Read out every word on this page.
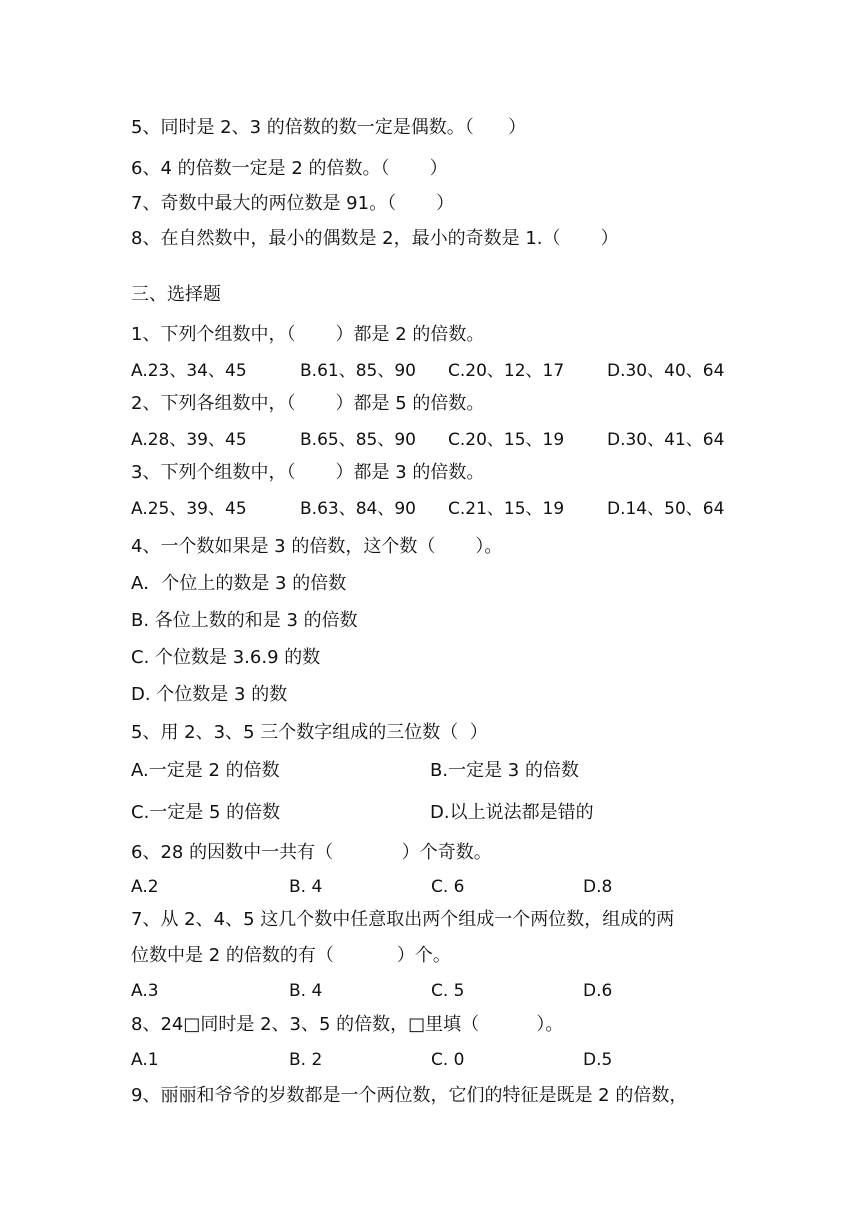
5、同时是 2、3 的倍数的数一定是偶数。（      ）
6、4 的倍数一定是 2 的倍数。（       ）
7、奇数中最大的两位数是 91。（       ）
8、在自然数中，最小的偶数是 2，最小的奇数是 1.（       ）
三、选择题
1、下列个组数中，（       ）都是 2 的倍数。
A.23、34、45	B.61、85、90 C.20、12、17	D.30、40、64
2、下列各组数中，（       ）都是 5 的倍数。
A.28、39、45	B.65、85、90 C.20、15、19	D.30、41、64
3、下列个组数中，（       ）都是 3 的倍数。
A.25、39、45	B.63、84、90 C.21、15、19	D.14、50、64
4、一个数如果是 3 的倍数，这个数（       ）。
A．个位上的数是 3 的倍数
B. 各位上数的和是 3 的倍数
C. 个位数是 3.6.9 的数
D. 个位数是 3 的数
5、用 2、3、5 三个数字组成的三位数（  ）
A.一定是 2 的倍数	B.一定是 3 的倍数
C.一定是 5 的倍数	D.以上说法都是错的
6、28 的因数中一共有（            ）个奇数。
A.2	B. 4	C. 6	D.8
7、从 2、4、5 这几个数中任意取出两个组成一个两位数，组成的两
位数中是 2 的倍数的有（           ）个。
A.3	B. 4	C. 5	D.6
8、24□同时是 2、3、5 的倍数，□里填（          ）。
A.1	B. 2	C. 0	D.5
9、丽丽和爷爷的岁数都是一个两位数，它们的特征是既是 2 的倍数，
